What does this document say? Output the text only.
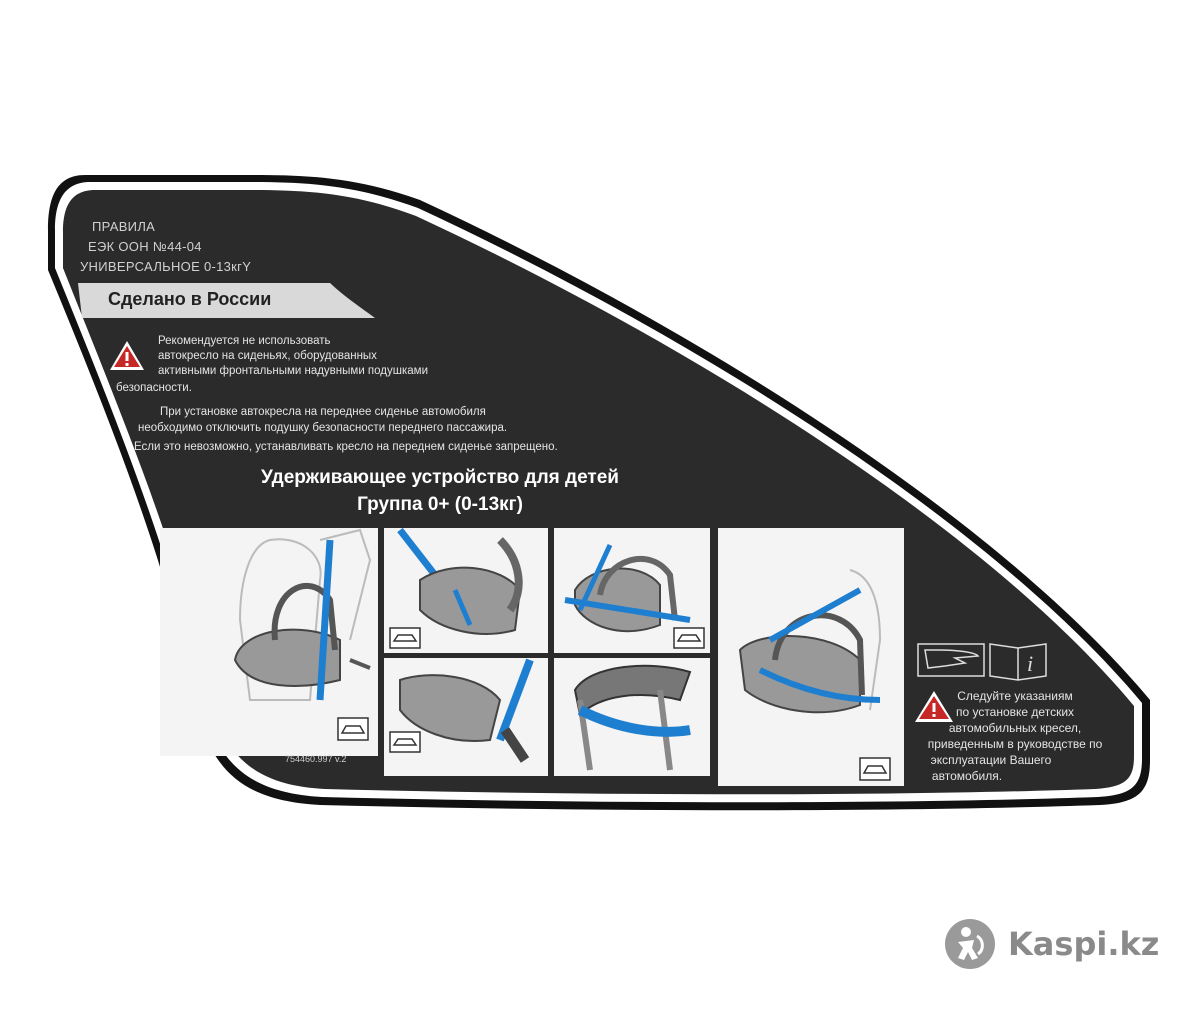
i
ПРАВИЛА
ЕЭК ООН №44-04
УНИВЕРСАЛЬНОЕ 0-13кгY
Сделано в России
Рекомендуется не использовать
автокресло на сиденьях, оборудованных
активными фронтальными надувными подушками
безопасности.
При установке автокресла на переднее сиденье автомобиля
необходимо отключить подушку безопасности переднего пассажира.
Если это невозможно, устанавливать кресло на переднем сиденье запрещено.
Удерживающее устройство для детей
Группа 0+ (0-13кг)
Следуйте указаниям
по установке детских
автомобильных кресел,
приведенным в руководстве по
эксплуатации Вашего
автомобиля.
754460.997 v.2
Kaspi.kz
